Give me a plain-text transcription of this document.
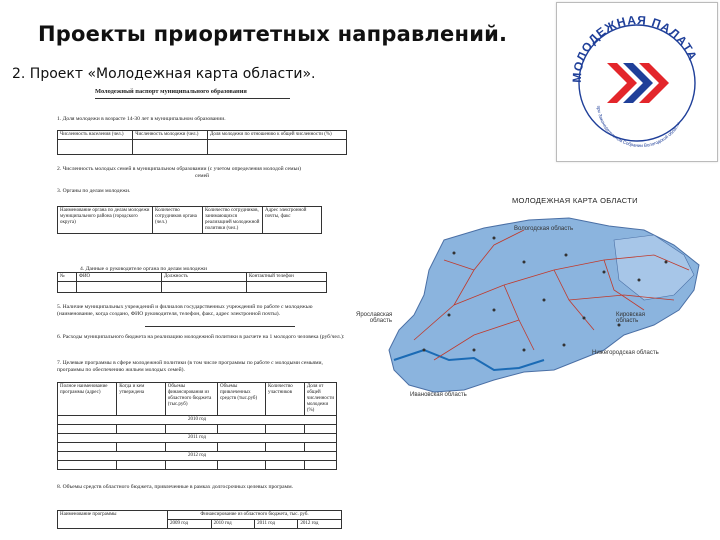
Проекты приоритетных направлений.
2. Проект «Молодежная карта области».	МОЛОДЕЖНАЯ ПАЛАТА
при Законодательном Собрании Вологодской области
Молодежный паспорт муниципального образования
1. Доля молодежи в возрасте 14-30 лет в муниципальном образовании.
Численность населения (чел.)	Численность молодежи (чел.)	Доля молодежи по отношению к общей численности (%)

2. Численность молодых семей в муниципальном образовании (с учетом определения молодой семьи)
семей
3. Органы по делам молодежи.
Наименование органа по делам молодежи муниципального района (городского округа)	Количество сотрудников органа (чел.)	Количество сотрудников, занимающихся реализацией молодежной политики (чел.)	Адрес электронной почты, факс
4. Данные о руководителе органа по делам молодежи
№	ФИО	Должность	Контактный телефон

5. Наличие муниципальных учреждений и филиалов государственных учреждений по работе с молодежью (наименование, когда создано, ФИО руководителя, телефон, факс, адрес электронной почты).
6. Расходы муниципального бюджета на реализацию молодежной политики в расчете на 1 молодого человека (руб/чел.):
7. Целевые программы в сфере молодежной политики (в том числе программы по работе с молодыми семьями, программы по обеспечению жильем молодых семей).
Полное наименование программы (адрес)	Когда и кем утверждена	Объемы финансирования из областного бюджета (тыс.руб)	Объемы привлеченных средств (тыс.руб)	Количество участников	Доля от общей численности молодежи (%)
2010 год					

2011 год					

2012 год					

8. Объемы средств областного бюджета, привлеченные в рамках долгосрочных целевых программ.
Наименование программы	Финансирование из областного бюджета, тыс. руб.			
	2009 год	2010 год	2011 год	2012 год
МОЛОДЕЖНАЯ КАРТА ОБЛАСТИ
Вологодская область
Ярославская область
Кировская область
Нижегородская область
Ивановская область
